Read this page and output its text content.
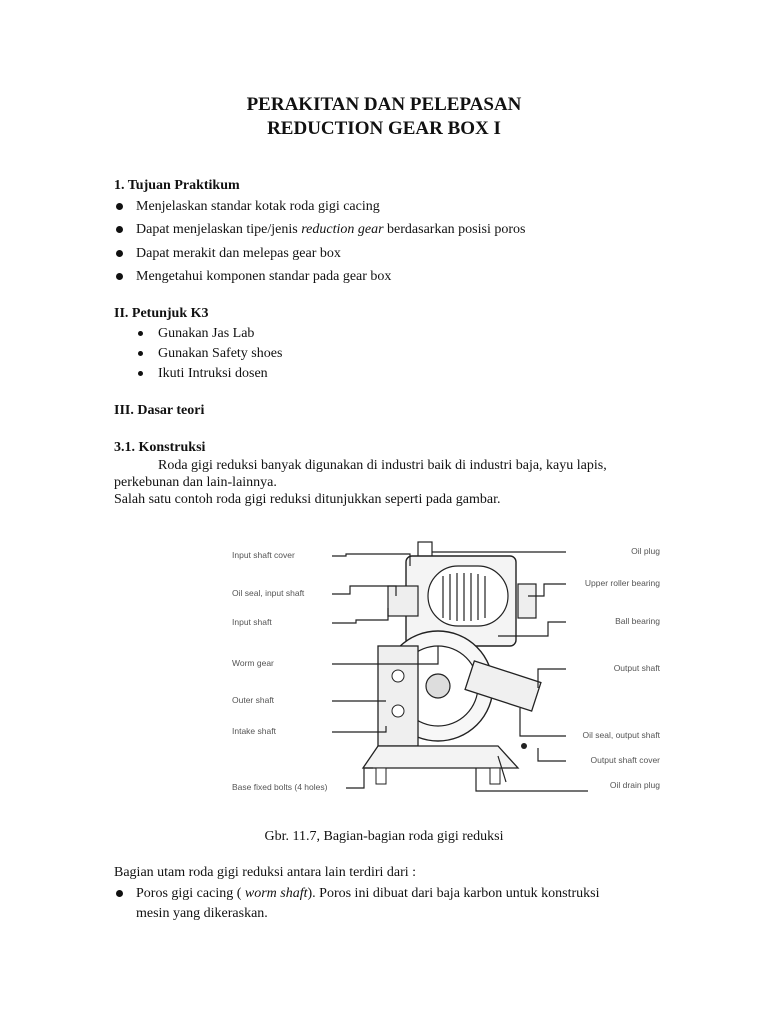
PERAKITAN DAN PELEPASAN
REDUCTION GEAR BOX I
1. Tujuan Praktikum
Menjelaskan standar kotak roda gigi cacing
Dapat menjelaskan tipe/jenis reduction gear berdasarkan posisi poros
Dapat merakit dan melepas gear box
Mengetahui komponen standar pada gear box
II. Petunjuk K3
Gunakan Jas Lab
Gunakan Safety shoes
Ikuti Intruksi dosen
III. Dasar teori
3.1. Konstruksi
Roda gigi reduksi banyak digunakan di industri baik di industri baja, kayu lapis,
perkebunan dan lain-lainnya.
Salah satu contoh roda gigi reduksi ditunjukkan seperti pada gambar.
Input shaft cover
Oil seal, input shaft
Input shaft
Worm gear
Outer shaft
Intake shaft
Base fixed bolts (4 holes)
Oil plug
Upper roller bearing
Ball bearing
Output shaft
Oil seal, output shaft
Output shaft cover
Oil drain plug
Gbr. 11.7, Bagian-bagian roda gigi reduksi
Bagian utam roda gigi reduksi antara lain terdiri dari :
Poros gigi cacing ( worm shaft). Poros ini dibuat dari baja karbon untuk konstruksi
mesin yang dikeraskan.
